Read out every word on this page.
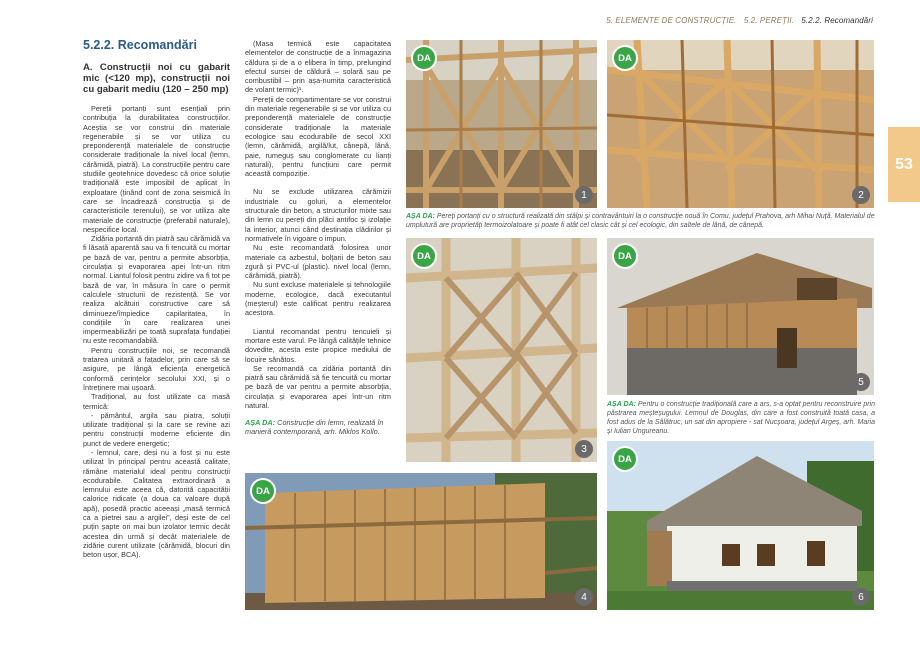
5. ELEMENTE DE CONSTRUCȚIE. 5.2. PEREȚII. 5.2.2. Recomandări
53
5.2.2. Recomandări
A. Construcții noi cu gabarit mic (<120 mp), construcții noi cu gabarit mediu (120 – 250 mp)

Pereții portanți sunt esențiali prin contribuția la durabilitatea construcțiilor. Aceștia se vor construi din materiale regenerabile și se vor utiliza cu preponderență materialele de construcție considerate tradiționale la nivel local (lemn, cărămidă, piatră). La construcțiile pentru care studiile geotehnice dovedesc că orice soluție tradițională este imposibil de aplicat în exploatare (ținând cont de zona seismică în care se încadrează construcția și de caracteristicile terenului), se vor utiliza alte materiale de construcție (preferabil naturale), nespecifice local.

Zidăria portantă din piatră sau cărămidă va fi lăsată aparentă sau va fi tencuită cu mortar pe bază de var, pentru a permite absorbția, circulația și evaporarea apei într-un ritm normal. Liantul folosit pentru zidire va fi tot pe bază de var, în măsura în care o permit calculele structurii de rezistență. Se vor realiza alcătuiri constructive care să diminueze/împiedice capilaritatea, în condițiile în care realizarea unei impermeabilizări pe toată suprafața fundației nu este recomandabilă.

Pentru construcțiile noi, se recomandă tratarea unitară a fațadelor, prin care să se asigure, pe lângă eficiența energetică conformă cerințelor secolului XXI, și o întreținere mai ușoară.

Tradițional, au fost utilizate ca masă termică:

- pământul, argila sau piatra, soluții utilizate tradițional și la care se revine azi pentru construcții moderne eficiente din punct de vedere energetic;

- lemnul, care, deși nu a fost și nu este utilizat în principal pentru această calitate, rămâne materialul ideal pentru construcții ecodurabile. Calitatea extraordinară a lemnului este aceea că, datorită capacității calorice ridicate (a doua ca valoare după apă), posedă practic aceeași „masă termică ca a pietrei sau a argilei”, deși este de cel puțin șapte ori mai bun izolator termic decât acestea din urmă și decât materialele de zidărie curent utilizate (cărămidă, blocuri din beton ușor, BCA).

(Masa termică este capacitatea elementelor de construcție de a înmagazina căldura și de a o elibera în timp, prelungind efectul sursei de căldură – solară sau pe combustibil – prin așa-numita caracteristică de volant termic)¹.

Pereții de compartimentare se vor construi din materiale regenerabile și se vor utiliza cu preponderență materialele de construcție considerate tradiționale la materiale ecologice sau ecodurabile de secol XXI (lemn, cărămidă, argilă/lut, cânepă, lână, paie, rumeguș sau conglomerate cu lianți naturali), pentru funcțiuni care permit această compoziție.

Nu se exclude utilizarea cărămizii industriale cu goluri, a elementelor structurale din beton, a structurilor mixte sau din lemn cu pereți din plăci antifoc și izolație la interior, atunci când destinația clădirilor și normativele în vigoare o impun.

Nu este recomandată folosirea unor materiale ca azbestul, bolțarii de beton sau zgură și PVC-ul (plastic). nivel local (lemn, cărămidă, piatră).

Nu sunt excluse materialele și tehnologiile moderne, ecologice, dacă executantul (meșterul) este calificat pentru realizarea acestora.

Liantul recomandat pentru tencuieli și mortare este varul. Pe lângă calitățile tehnice dovedite, acesta este propice mediului de locuire sănătos.

Se recomandă ca zidăria portantă din piatră sau cărămidă să fie tencuită cu mortar pe bază de var pentru a permite absorbția, circulația și evaporarea apei într-un ritm natural.

AȘA DA: Construcție din lemn, realizată în manieră contemporană, arh. Miklos Kollo.
DA
1
DA
2
AȘA DA: Pereți portanți cu o structură realizată din stâlpi și contravântuiri la o construcție nouă în Comu, județul Prahova, arh Mihai Nuță. Materialul de umplutură are proprietăți termoizolatoare și poate fi atât cel clasic cât și cel ecologic, din saltele de lână, de cânepă.
DA
3
DA
4
DA
5
AȘA DA: Pentru o construcție tradițională care a ars, s-a optat pentru reconstruire prin păstrarea meșteșugului. Lemnul de Douglas, din care a fost construită toată casa, a fost adus de la Sălătruc, un sat din apropiere - sat Nucșoara, județul Argeș, arh. Maria și Iulian Ungureanu.
DA
6
